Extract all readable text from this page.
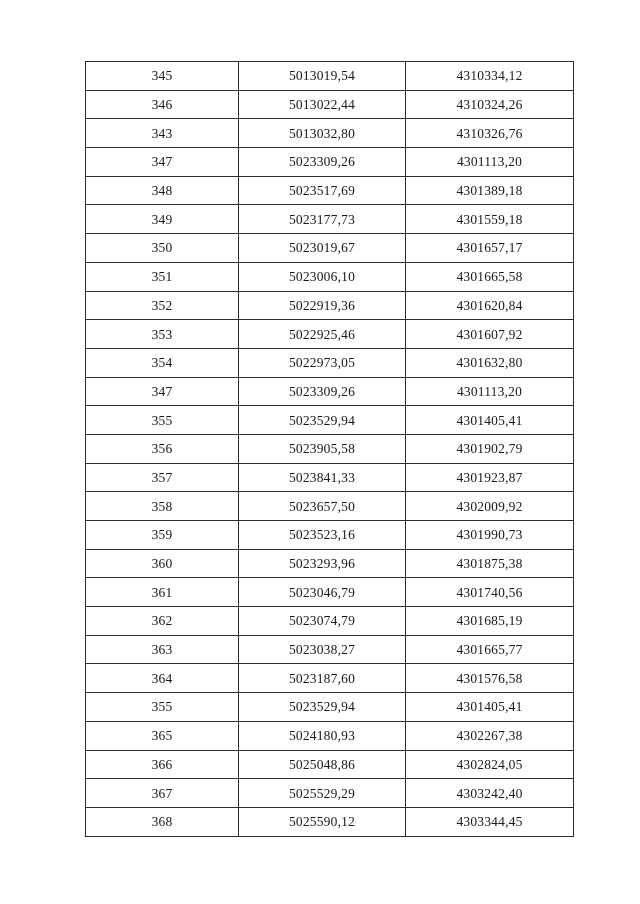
345	5013019,54	4310334,12
346	5013022,44	4310324,26
343	5013032,80	4310326,76
347	5023309,26	4301113,20
348	5023517,69	4301389,18
349	5023177,73	4301559,18
350	5023019,67	4301657,17
351	5023006,10	4301665,58
352	5022919,36	4301620,84
353	5022925,46	4301607,92
354	5022973,05	4301632,80
347	5023309,26	4301113,20
355	5023529,94	4301405,41
356	5023905,58	4301902,79
357	5023841,33	4301923,87
358	5023657,50	4302009,92
359	5023523,16	4301990,73
360	5023293,96	4301875,38
361	5023046,79	4301740,56
362	5023074,79	4301685,19
363	5023038,27	4301665,77
364	5023187,60	4301576,58
355	5023529,94	4301405,41
365	5024180,93	4302267,38
366	5025048,86	4302824,05
367	5025529,29	4303242,40
368	5025590,12	4303344,45
